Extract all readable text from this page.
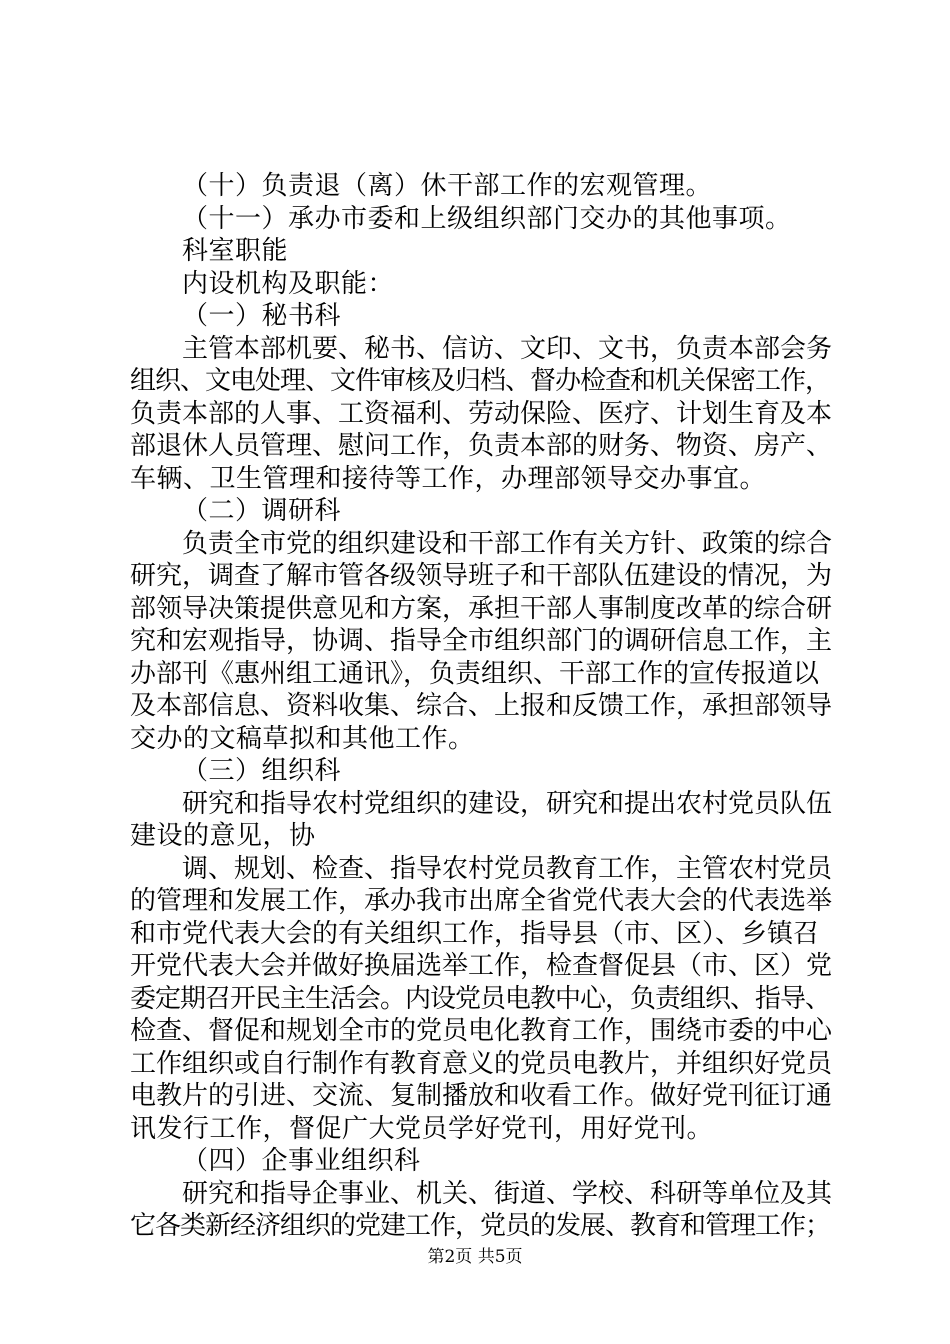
（十）负责退（离）休干部工作的宏观管理。
（十一）承办市委和上级组织部门交办的其他事项。
科室职能
内设机构及职能：
（一）秘书科
主管本部机要、秘书、信访、文印、文书，负责本部会务
组织、文电处理、文件审核及归档、督办检查和机关保密工作，
负责本部的人事、工资福利、劳动保险、医疗、计划生育及本
部退休人员管理、慰问工作，负责本部的财务、物资、房产、
车辆、卫生管理和接待等工作，办理部领导交办事宜。
（二）调研科
负责全市党的组织建设和干部工作有关方针、政策的综合
研究，调查了解市管各级领导班子和干部队伍建设的情况，为
部领导决策提供意见和方案，承担干部人事制度改革的综合研
究和宏观指导，协调、指导全市组织部门的调研信息工作，主
办部刊《惠州组工通讯》，负责组织、干部工作的宣传报道以
及本部信息、资料收集、综合、上报和反馈工作，承担部领导
交办的文稿草拟和其他工作。
（三）组织科
研究和指导农村党组织的建设，研究和提出农村党员队伍
建设的意见，协
调、规划、检查、指导农村党员教育工作，主管农村党员
的管理和发展工作，承办我市出席全省党代表大会的代表选举
和市党代表大会的有关组织工作，指导县（市、区）、乡镇召
开党代表大会并做好换届选举工作，检查督促县（市、区）党
委定期召开民主生活会。内设党员电教中心，负责组织、指导、
检查、督促和规划全市的党员电化教育工作，围绕市委的中心
工作组织或自行制作有教育意义的党员电教片，并组织好党员
电教片的引进、交流、复制播放和收看工作。做好党刊征订通
讯发行工作，督促广大党员学好党刊，用好党刊。
（四）企事业组织科
研究和指导企事业、机关、街道、学校、科研等单位及其
它各类新经济组织的党建工作，党员的发展、教育和管理工作；
第2页 共5页
